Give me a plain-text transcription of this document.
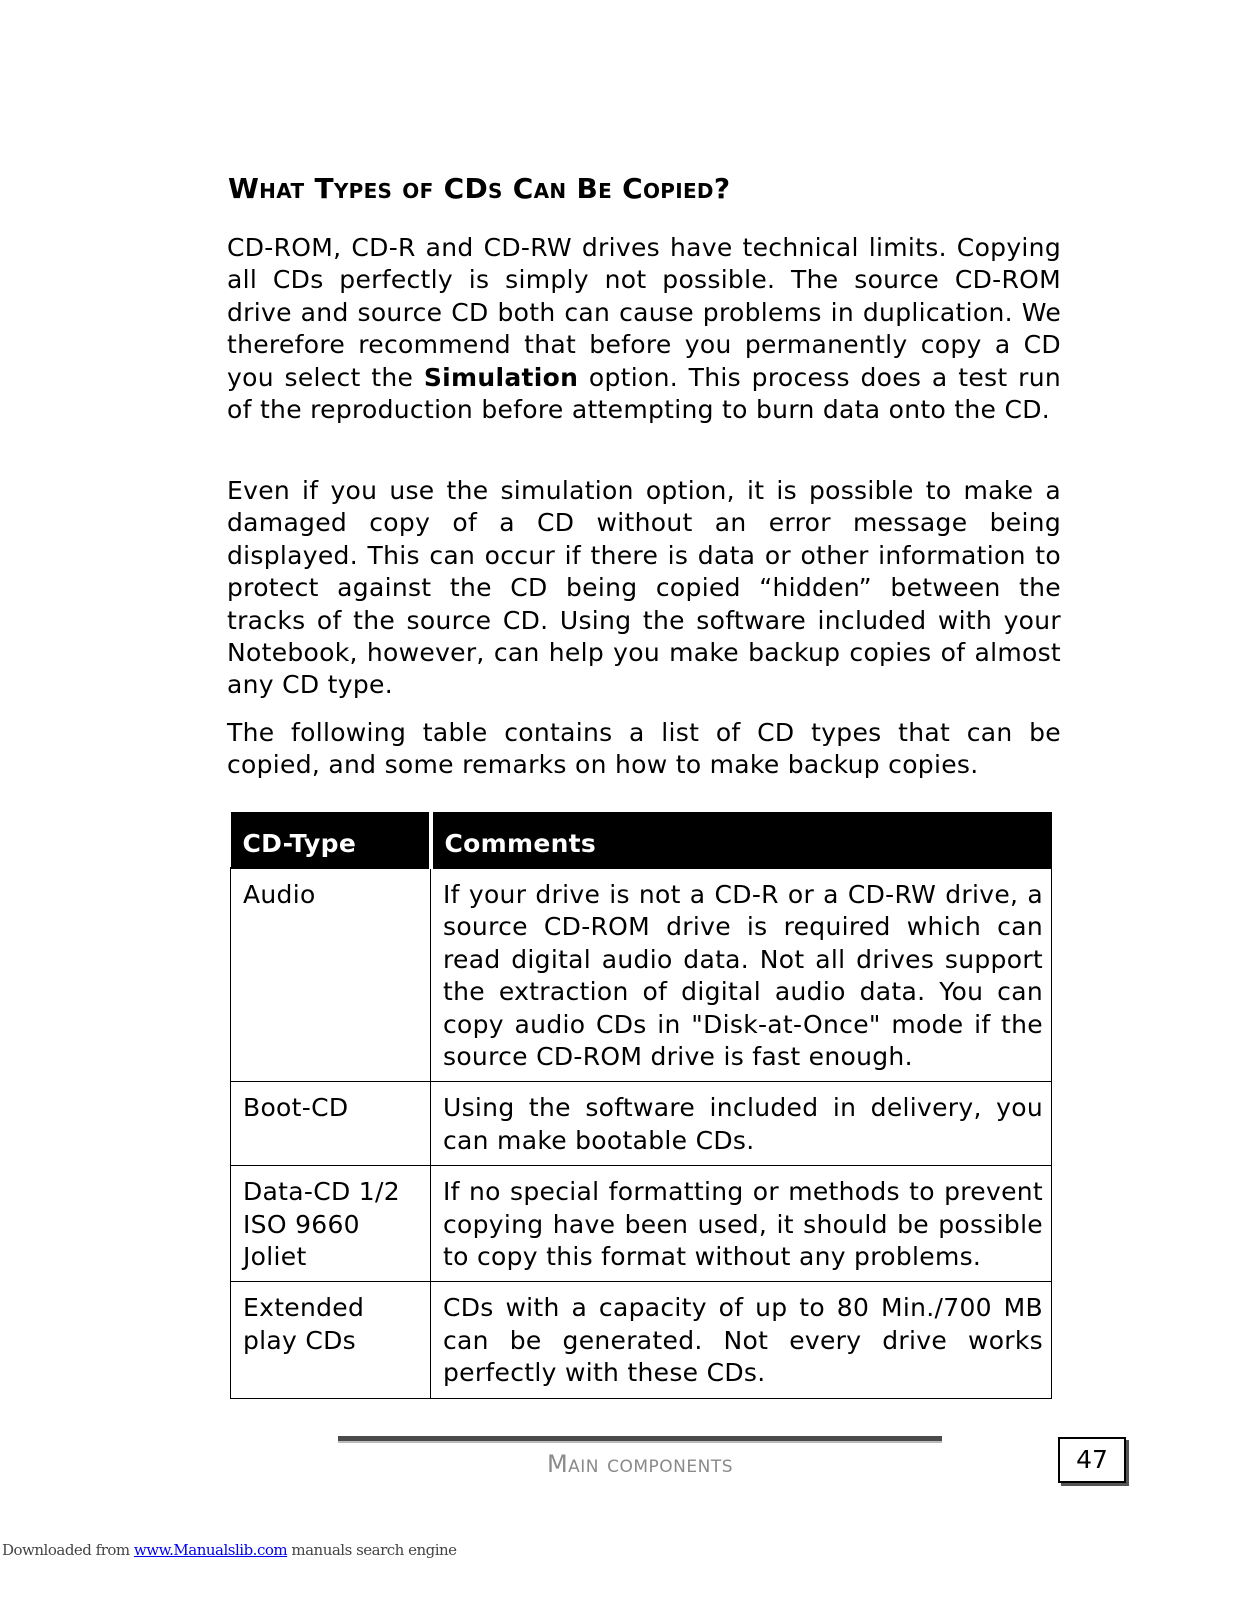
What Types of CDs Can Be Copied?

CD-ROM, CD-R and CD-RW drives have technical limits. Copying all CDs perfectly is simply not possible. The source CD-ROM drive and source CD both can cause problems in duplication. We therefore recommend that before you permanently copy a CD you select the Simulation option. This process does a test run of the reproduction before attempting to burn data onto the CD.

Even if you use the simulation option, it is possible to make a damaged copy of a CD without an error message being displayed. This can occur if there is data or other information to protect against the CD being copied “hidden” between the tracks of the source CD. Using the software included with your Notebook, however, can help you make backup copies of almost any CD type.

The following table contains a list of CD types that can be copied, and some remarks on how to make backup copies.

CD-Type	Comments
Audio	If your drive is not a CD-R or a CD-RW drive, a source CD-ROM drive is required which can read digital audio data. Not all drives support the extraction of digital audio data. You can copy audio CDs in "Disk-at-Once" mode if the source CD-ROM drive is fast enough.
Boot-CD	Using the software included in delivery, you can make bootable CDs.
Data-CD 1/2 ISO 9660 Joliet	If no special formatting or methods to prevent copying have been used, it should be possible to copy this format without any problems.
Extended play CDs	CDs with a capacity of up to 80 Min./700 MB can be generated. Not every drive works perfectly with these CDs.
Main components	47
Downloaded from www.Manualslib.com manuals search engine
